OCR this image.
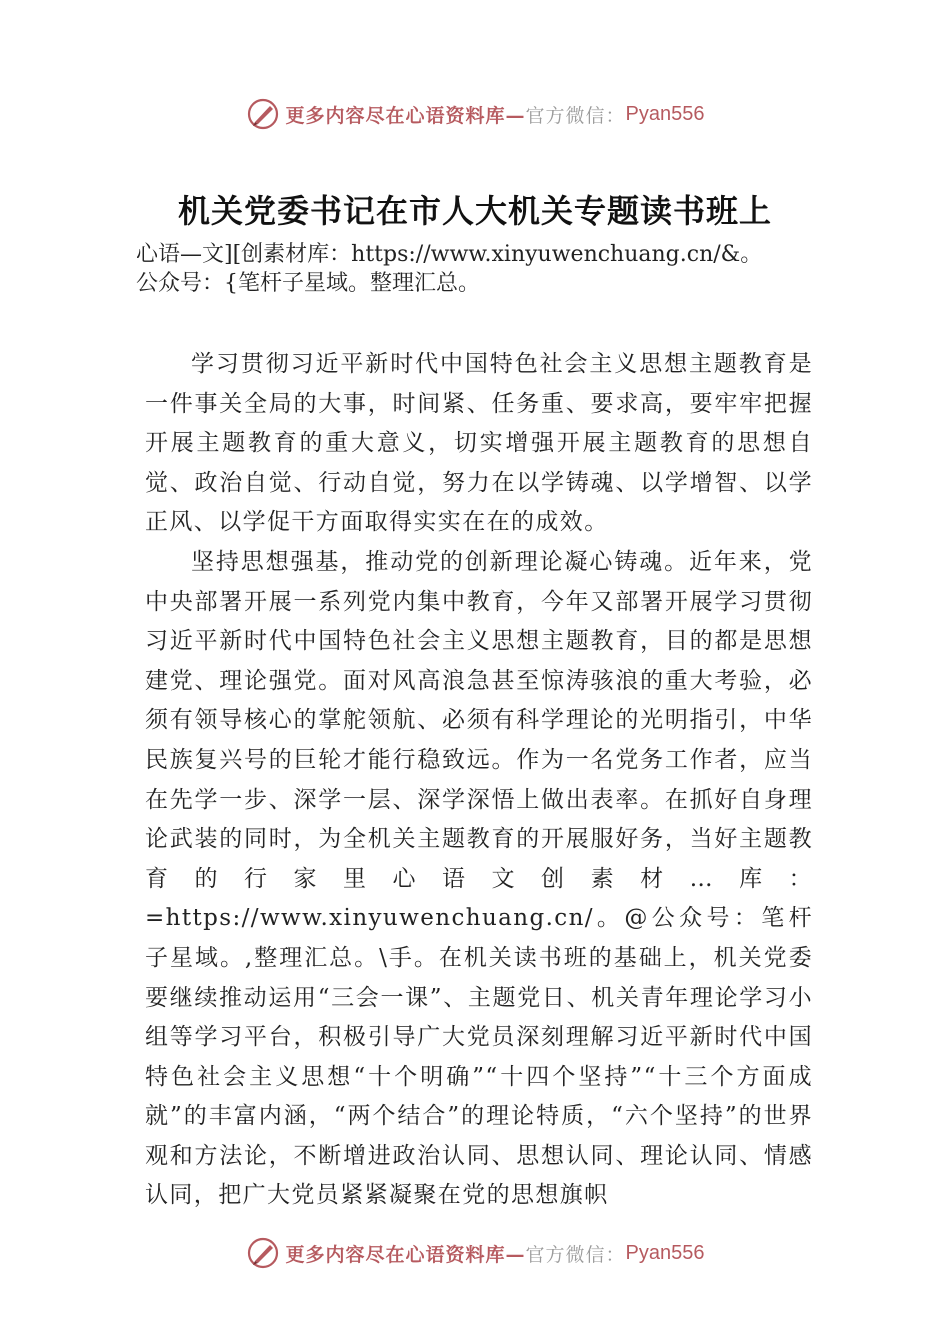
更多内容尽在心语资料库— 官方微信： Pyan556
机关党委书记在市人大机关专题读书班上
心语—文][创素材库：https://www.xinyuwenchuang.cn/&。
公众号：{笔杆子星域。整理汇总。

学习贯彻习近平新时代中国特色社会主义思想主题教育是一件事关全局的大事，时间紧、任务重、要求高，要牢牢把握开展主题教育的重大意义，切实增强开展主题教育的思想自觉、政治自觉、行动自觉，努力在以学铸魂、以学增智、以学正风、以学促干方面取得实实在在的成效。

坚持思想强基，推动党的创新理论凝心铸魂。近年来，党中央部署开展一系列党内集中教育，今年又部署开展学习贯彻习近平新时代中国特色社会主义思想主题教育，目的都是思想建党、理论强党。面对风高浪急甚至惊涛骇浪的重大考验，必须有领导核心的掌舵领航、必须有科学理论的光明指引，中华民族复兴号的巨轮才能行稳致远。作为一名党务工作者，应当在先学一步、深学一层、深学深悟上做出表率。在抓好自身理论武装的同时，为全机关主题教育的开展服好务，当好主题教育的行家里心语文创素材…库：=https://www.xinyuwenchuang.cn/。@公众号：笔杆子星域。,整理汇总。\手。在机关读书班的基础上，机关党委要继续推动运用“三会一课”、主题党日、机关青年理论学习小组等学习平台，积极引导广大党员深刻理解习近平新时代中国特色社会主义思想“十个明确”“十四个坚持”“十三个方面成就”的丰富内涵，“两个结合”的理论特质，“六个坚持”的世界观和方法论，不断增进政治认同、思想认同、理论认同、情感认同，把广大党员紧紧凝聚在党的思想旗帜

更多内容尽在心语资料库— 官方微信： Pyan556
